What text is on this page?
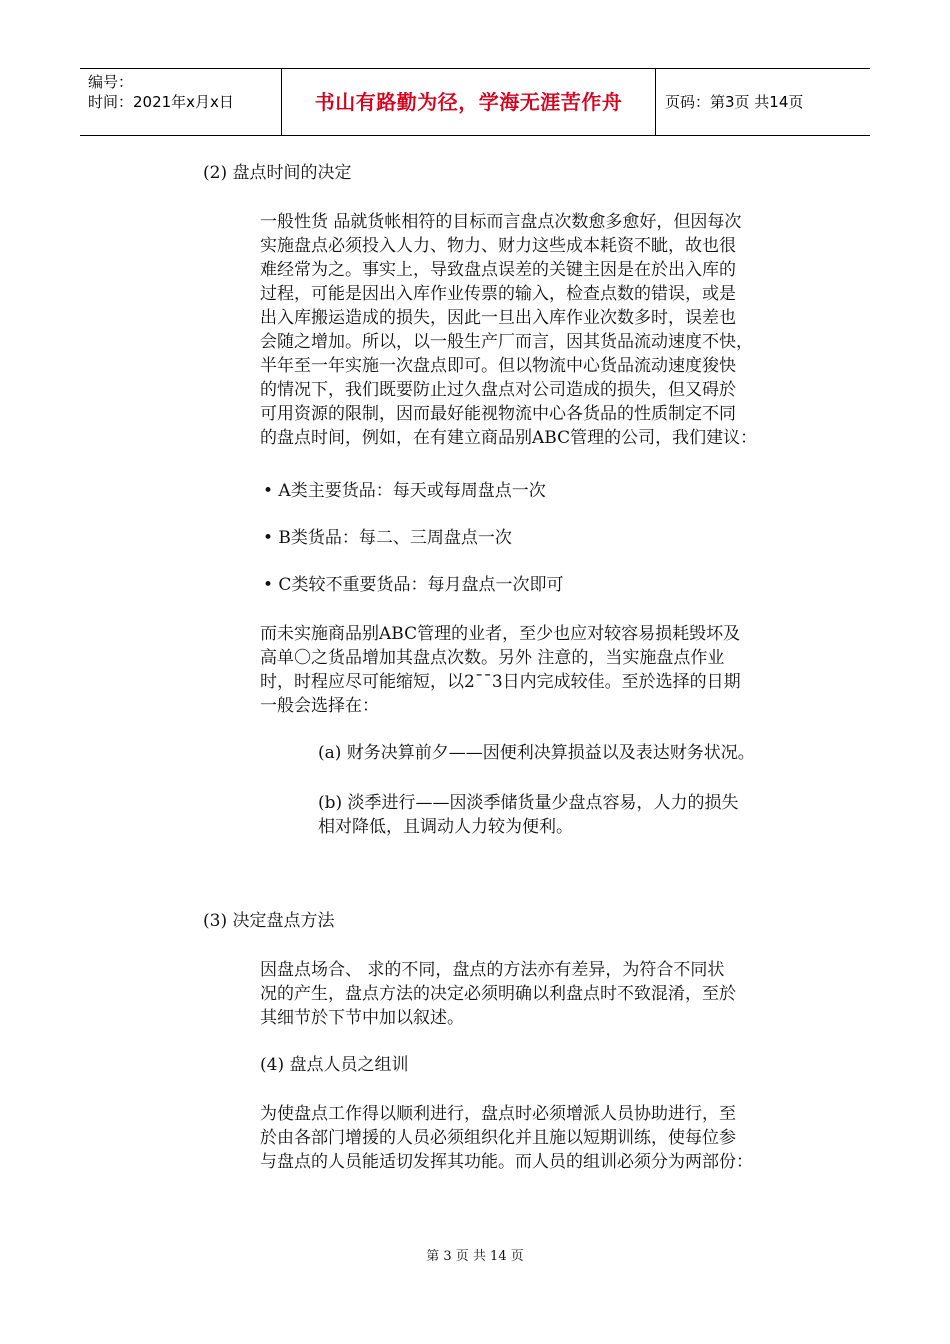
编号：
时间：2021年x月x日	书山有路勤为径，学海无涯苦作舟	页码：第3页 共14页
(2) 盘点时间的决定
一般性货 品就货帐相符的目标而言盘点次数愈多愈好，但因每次
实施盘点必须投入人力、物力、财力这些成本耗资不眦，故也很
难经常为之。事实上，导致盘点误差的关键主因是在於出入库的
过程，可能是因出入库作业传票的输入，检查点数的错误，或是
出入库搬运造成的损失，因此一旦出入库作业次数多时，误差也
会随之增加。所以，以一般生产厂而言，因其货品流动速度不快，
半年至一年实施一次盘点即可。但以物流中心货品流动速度狻快
的情况下，我们既要防止过久盘点对公司造成的损失，但又碍於
可用资源的限制，因而最好能视物流中心各货品的性质制定不同
的盘点时间，例如，在有建立商品别ABC管理的公司，我们建议：
• A类主要货品：每天或每周盘点一次
• B类货品：每二、三周盘点一次
• C类较不重要货品：每月盘点一次即可
而未实施商品别ABC管理的业者，至少也应对较容易损耗毁坏及
高单〇之货品增加其盘点次数。另外 注意的，当实施盘点作业
时，时程应尽可能缩短，以2¯¯3日内完成较佳。至於选择的日期
一般会选择在：
(a) 财务决算前夕——因便利决算损益以及表达财务状况。
(b) 淡季进行——因淡季储货量少盘点容易，人力的损失
相对降低，且调动人力较为便利。
(3) 决定盘点方法
因盘点场合、 求的不同，盘点的方法亦有差异，为符合不同状
况的产生，盘点方法的决定必须明确以利盘点时不致混淆，至於
其细节於下节中加以叙述。
(4) 盘点人员之组训
为使盘点工作得以顺利进行，盘点时必须增派人员协助进行，至
於由各部门增援的人员必须组织化并且施以短期训练，使每位参
与盘点的人员能适切发挥其功能。而人员的组训必须分为两部份：
第 3 页 共 14 页
